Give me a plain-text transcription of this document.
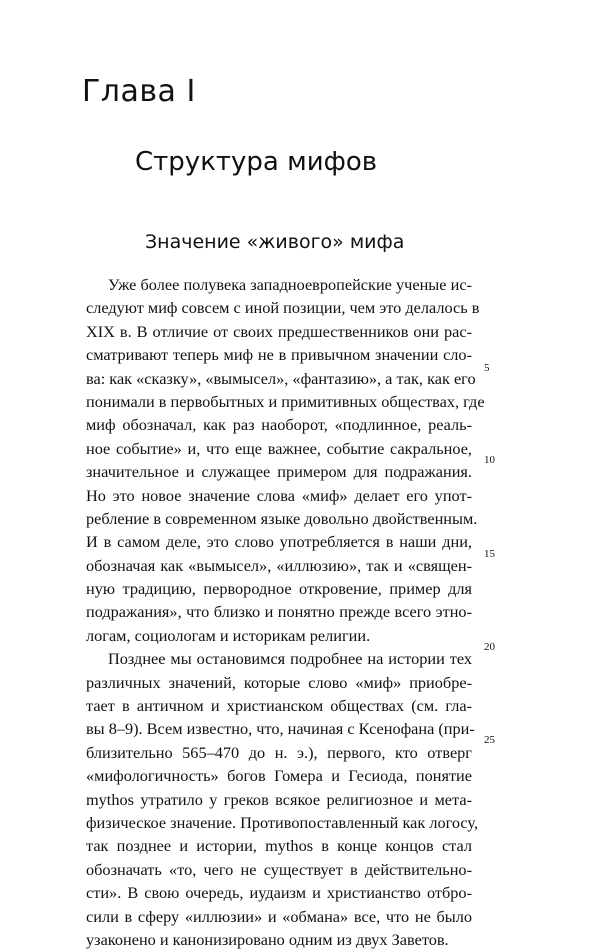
Глава I
Структура мифов
Значение «живого» мифа
Уже более полувека западноевропейские ученые ис-
следуют миф совсем с иной позиции, чем это делалось в
XIX в. В отличие от своих предшественников они рас-
сматривают теперь миф не в привычном значении сло-
ва: как «сказку», «вымысел», «фантазию», а так, как его
понимали в первобытных и примитивных обществах, где
миф обозначал, как раз наоборот, «подлинное, реаль-
ное событие» и, что еще важнее, событие сакральное,
значительное и служащее примером для подражания.
Но это новое значение слова «миф» делает его упот-
ребление в современном языке довольно двойственным.
И в самом деле, это слово употребляется в наши дни,
обозначая как «вымысел», «иллюзию», так и «священ-
ную традицию, первородное откровение, пример для
подражания», что близко и понятно прежде всего этно-
логам, социологам и историкам религии.
Позднее мы остановимся подробнее на истории тех
различных значений, которые слово «миф» приобре-
тает в античном и христианском обществах (см. гла-
вы 8–9). Всем известно, что, начиная с Ксенофана (при-
близительно 565–470 до н. э.), первого, кто отверг
«мифологичность» богов Гомера и Гесиода, понятие
mythos утратило у греков всякое религиозное и мета-
физическое значение. Противопоставленный как логосу,
так позднее и истории, mythos в конце концов стал
обозначать «то, чего не существует в действительно-
сти». В свою очередь, иудаизм и христианство отбро-
сили в сферу «иллюзии» и «обмана» все, что не было
узаконено и канонизировано одним из двух Заветов.
5
10
15
20
25
